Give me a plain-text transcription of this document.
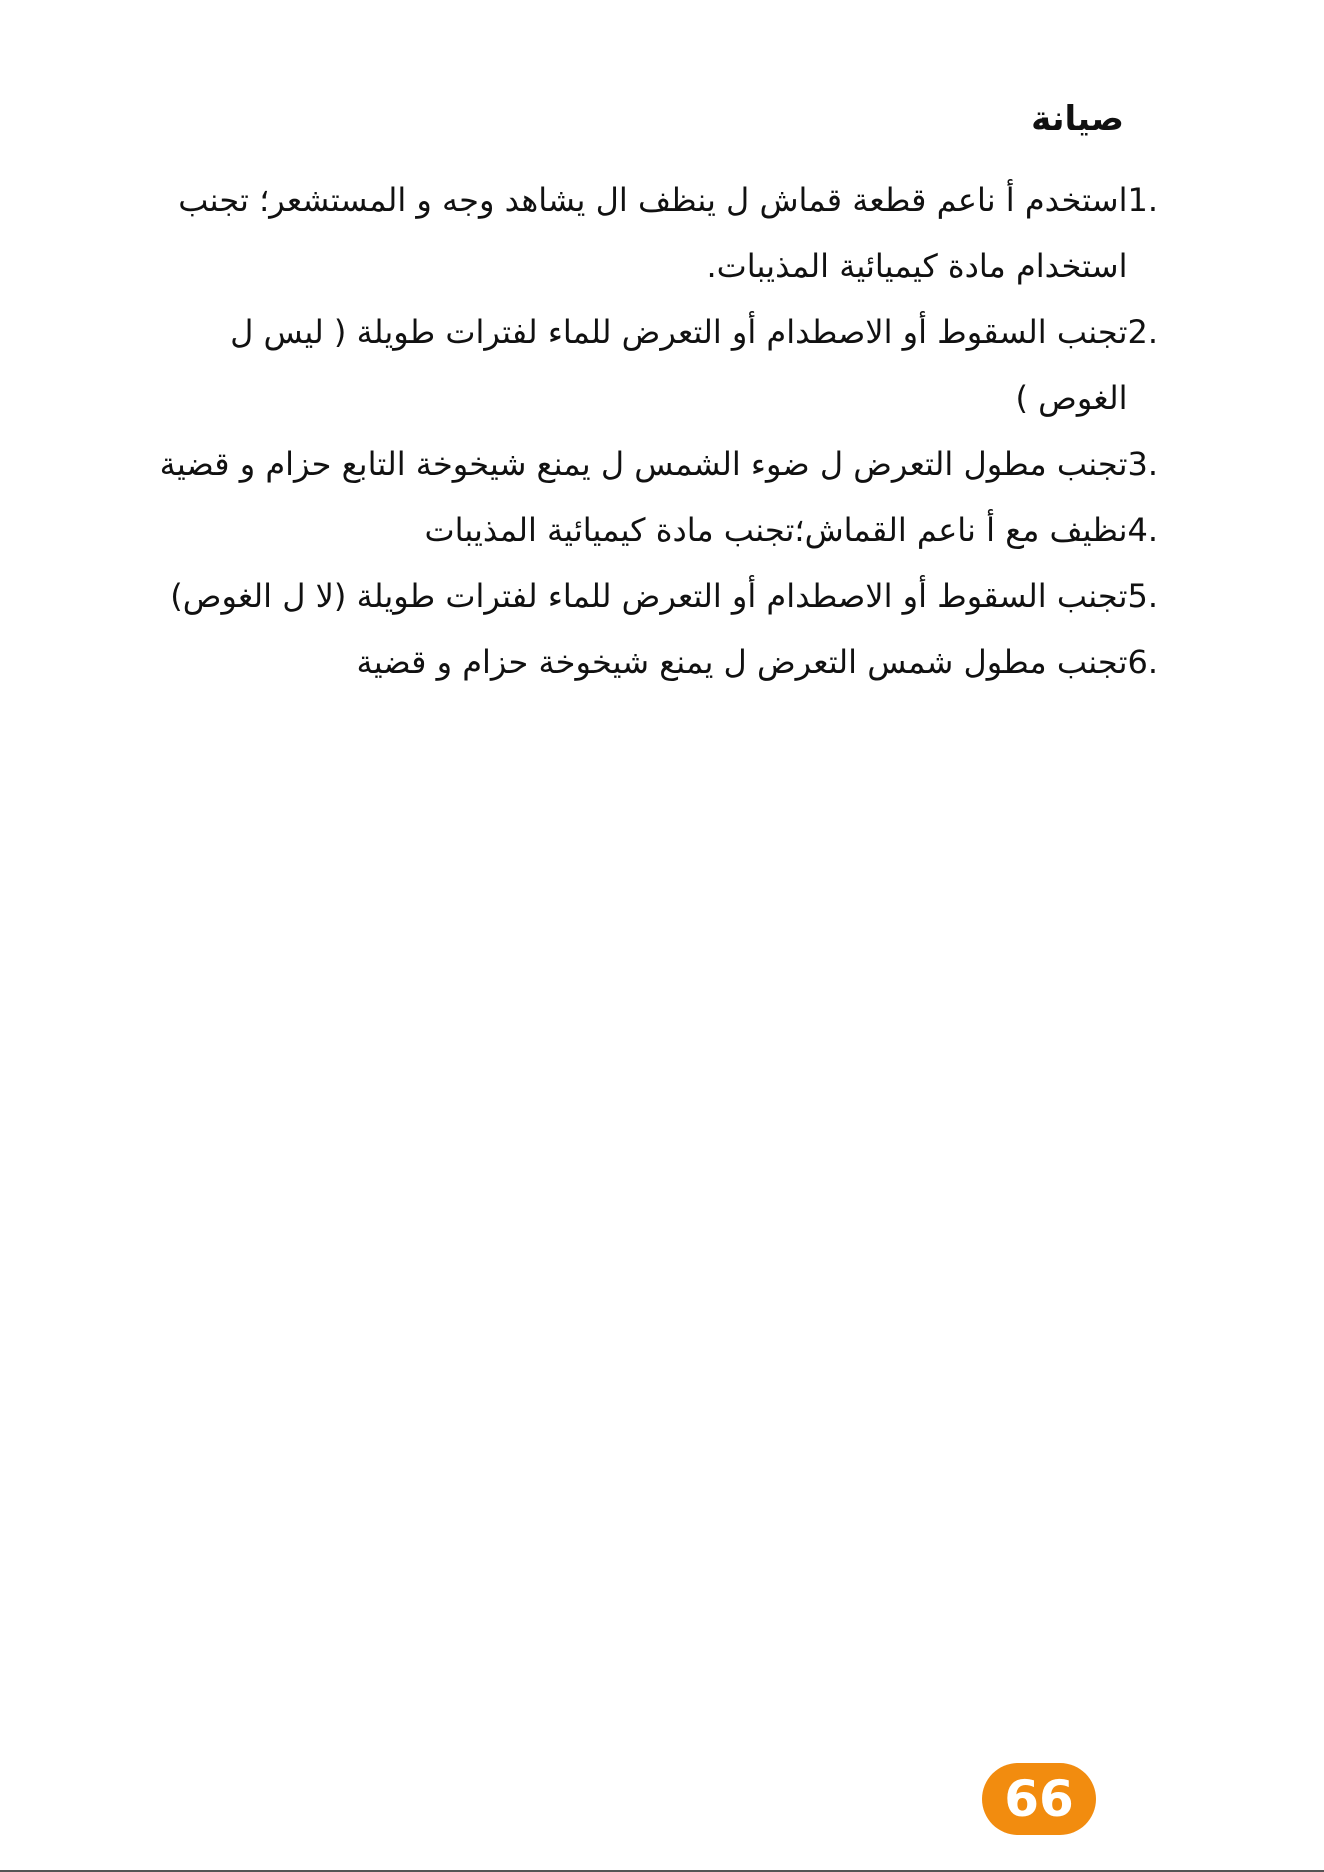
صيانة
1.
استخدم أ ناعم قطعة قماش ل ينظف ال يشاهد وجه و المستشعر؛ تجنب استخدام مادة كيميائية المذيبات.
2.
تجنب السقوط أو الاصطدام أو التعرض للماء لفترات طويلة ( ليس ل الغوص )
3.
تجنب مطول التعرض ل ضوء الشمس ل يمنع شيخوخة التابع حزام و قضية
4.
نظيف مع أ ناعم القماش؛تجنب مادة كيميائية المذيبات
5.
تجنب السقوط أو الاصطدام أو التعرض للماء لفترات طويلة (لا ل الغوص)
6.
تجنب مطول شمس التعرض ل يمنع شيخوخة حزام و قضية
66
